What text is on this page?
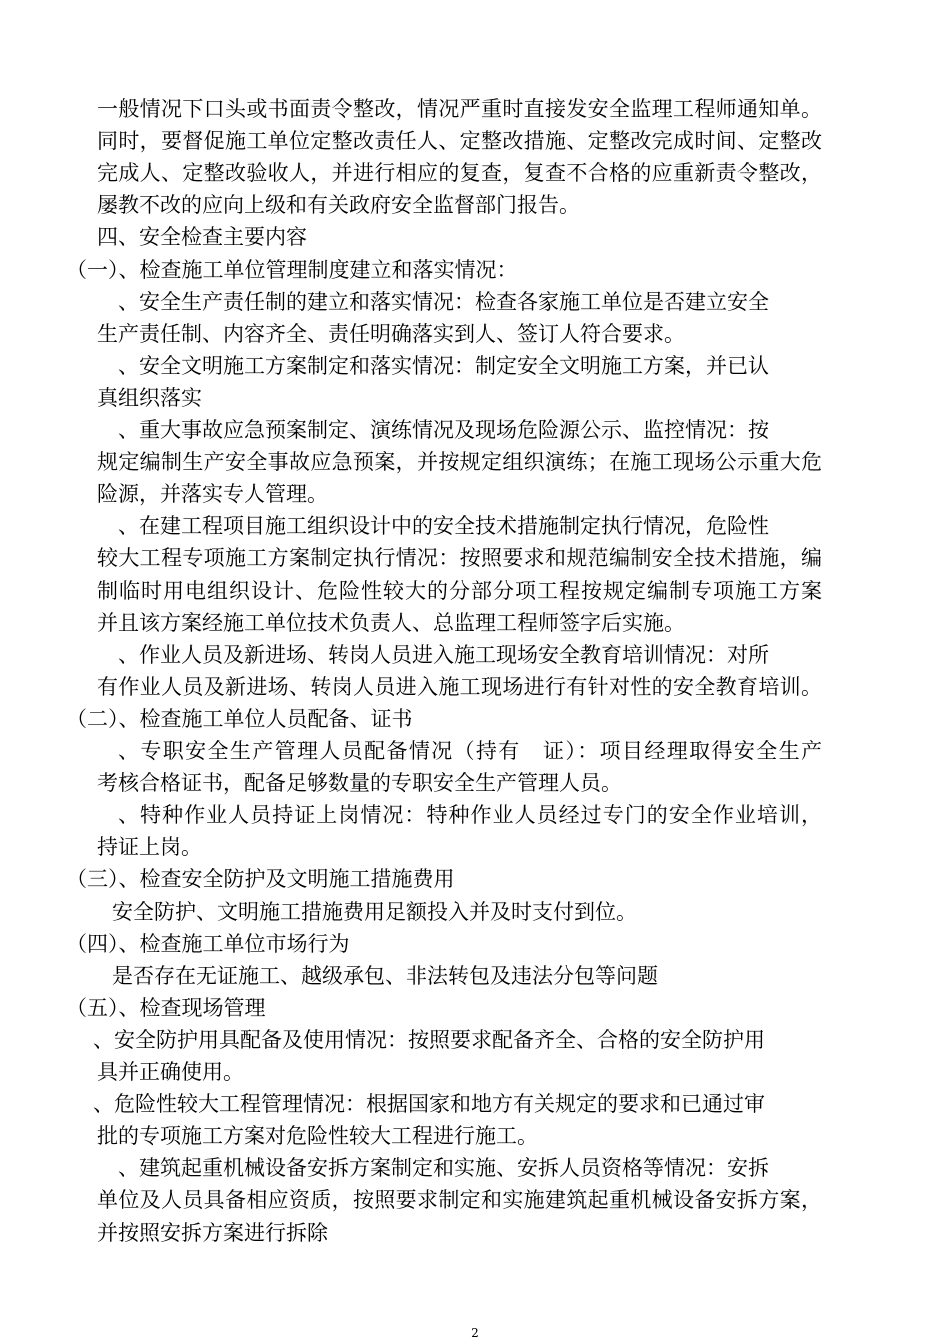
一般情况下口头或书面责令整改，情况严重时直接发安全监理工程师通知单。
同时，要督促施工单位定整改责任人、定整改措施、定整改完成时间、定整改
完成人、定整改验收人，并进行相应的复查，复查不合格的应重新责令整改，
屡教不改的应向上级和有关政府安全监督部门报告。
四、安全检查主要内容
（一）、检查施工单位管理制度建立和落实情况：
、安全生产责任制的建立和落实情况：检查各家施工单位是否建立安全
生产责任制、内容齐全、责任明确落实到人、签订人符合要求。
、安全文明施工方案制定和落实情况：制定安全文明施工方案，并已认
真组织落实
、重大事故应急预案制定、演练情况及现场危险源公示、监控情况：按
规定编制生产安全事故应急预案，并按规定组织演练；在施工现场公示重大危
险源，并落实专人管理。
、在建工程项目施工组织设计中的安全技术措施制定执行情况，危险性
较大工程专项施工方案制定执行情况：按照要求和规范编制安全技术措施，编
制临时用电组织设计、危险性较大的分部分项工程按规定编制专项施工方案
并且该方案经施工单位技术负责人、总监理工程师签字后实施。
、作业人员及新进场、转岗人员进入施工现场安全教育培训情况：对所
有作业人员及新进场、转岗人员进入施工现场进行有针对性的安全教育培训。
（二）、检查施工单位人员配备、证书
、专职安全生产管理人员配备情况（持有　证）：项目经理取得安全生产
考核合格证书，配备足够数量的专职安全生产管理人员。
、特种作业人员持证上岗情况：特种作业人员经过专门的安全作业培训，
持证上岗。
（三）、检查安全防护及文明施工措施费用
安全防护、文明施工措施费用足额投入并及时支付到位。
（四）、检查施工单位市场行为
是否存在无证施工、越级承包、非法转包及违法分包等问题
（五）、检查现场管理
、安全防护用具配备及使用情况：按照要求配备齐全、合格的安全防护用
具并正确使用。
、危险性较大工程管理情况：根据国家和地方有关规定的要求和已通过审
批的专项施工方案对危险性较大工程进行施工。
、建筑起重机械设备安拆方案制定和实施、安拆人员资格等情况：安拆
单位及人员具备相应资质，按照要求制定和实施建筑起重机械设备安拆方案，
并按照安拆方案进行拆除
2
